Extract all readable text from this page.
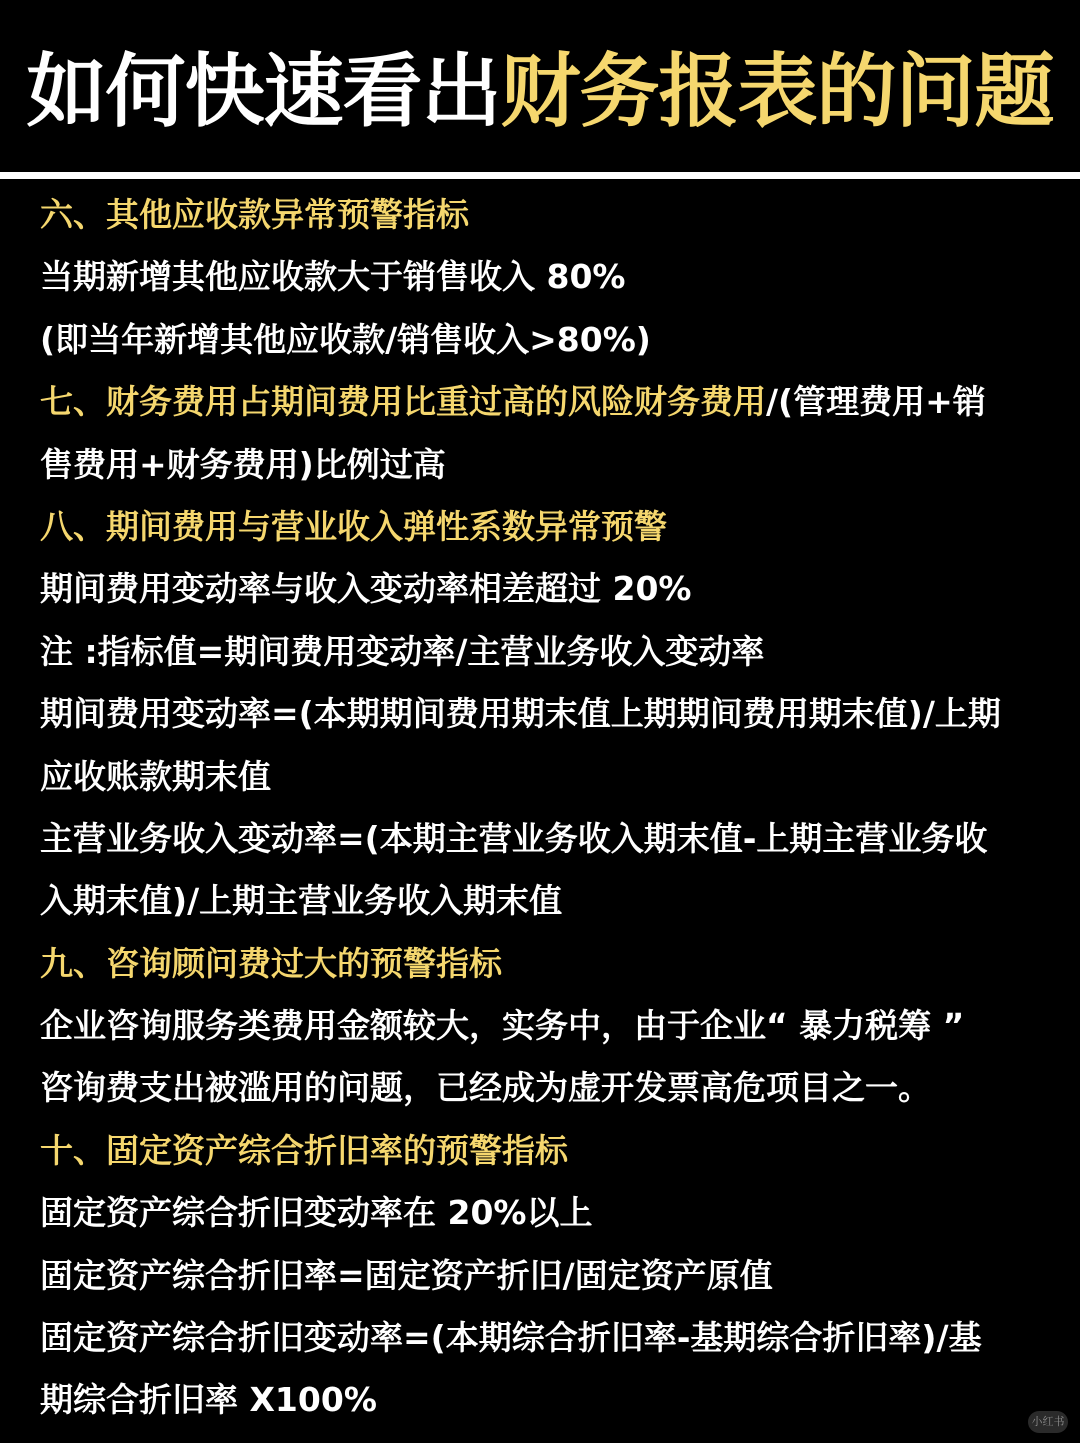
如何快速看出财务报表的问题
六、其他应收款异常预警指标
当期新增其他应收款大于销售收入 80%
(即当年新增其他应收款/销售收入>80%)
七、财务费用占期间费用比重过高的风险财务费用/(管理费用+销
售费用+财务费用)比例过高
八、期间费用与营业收入弹性系数异常预警
期间费用变动率与收入变动率相差超过 20%
注 :指标值=期间费用变动率/主营业务收入变动率
期间费用变动率=(本期期间费用期末值上期期间费用期末值)/上期
应收账款期末值
主营业务收入变动率=(本期主营业务收入期末值-上期主营业务收
入期末值)/上期主营业务收入期末值
九、咨询顾问费过大的预警指标
企业咨询服务类费用金额较大，实务中，由于企业“ 暴力税筹 ”
咨询费支出被滥用的问题，已经成为虚开发票高危项目之一。
十、固定资产综合折旧率的预警指标
固定资产综合折旧变动率在 20%以上
固定资产综合折旧率=固定资产折旧/固定资产原值
固定资产综合折旧变动率=(本期综合折旧率-基期综合折旧率)/基
期综合折旧率 X100%
小红书
